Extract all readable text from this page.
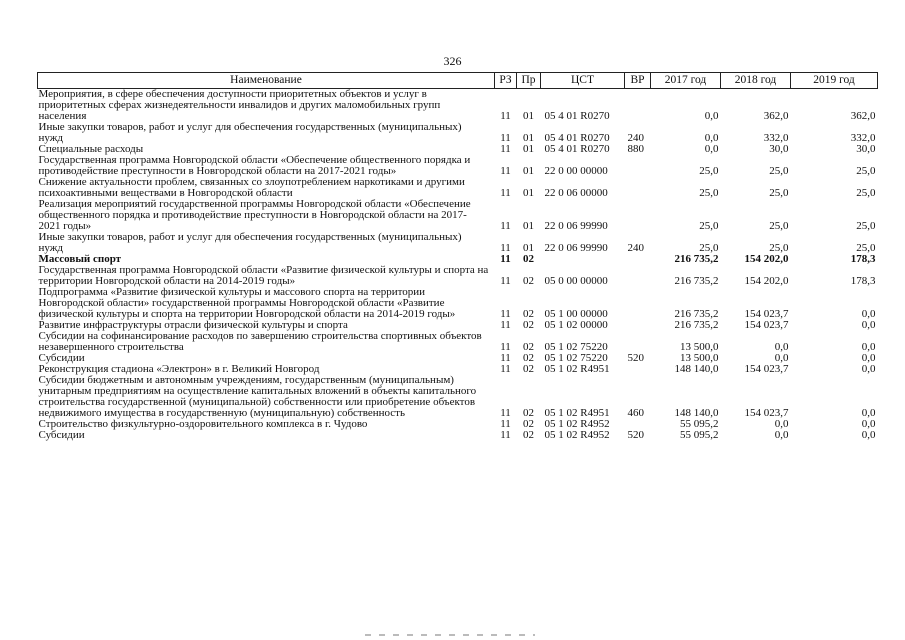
326
Наименование	РЗ	Пр	ЦСТ	ВР	2017 год	2018 год	2019 год
Мероприятия, в сфере обеспечения доступности приоритетных объектов и услуг в приоритетных сферах жизнедеятельности инвалидов и других маломобильных групп населения	11	01	05 4 01 R0270		0,0	362,0	362,0
Иные закупки товаров, работ и услуг для обеспечения государственных (муниципальных) нужд	11	01	05 4 01 R0270	240	0,0	332,0	332,0
Специальные расходы	11	01	05 4 01 R0270	880	0,0	30,0	30,0
Государственная программа Новгородской области «Обеспечение общественного порядка и противодействие преступности в Новгородской области на 2017-2021 годы»	11	01	22 0 00 00000		25,0	25,0	25,0
Снижение актуальности проблем, связанных со злоупотреблением наркотиками и другими психоактивными веществами в Новгородской области	11	01	22 0 06 00000		25,0	25,0	25,0
Реализация мероприятий государственной программы Новгородской области «Обеспечение общественного порядка и противодействие преступности в Новгородской области на 2017-2021 годы»	11	01	22 0 06 99990		25,0	25,0	25,0
Иные закупки товаров, работ и услуг для обеспечения государственных (муниципальных) нужд	11	01	22 0 06 99990	240	25,0	25,0	25,0
Массовый спорт	11	02			216 735,2	154 202,0	178,3
Государственная программа Новгородской области «Развитие физической культуры и спорта на территории Новгородской области на 2014-2019 годы»	11	02	05 0 00 00000		216 735,2	154 202,0	178,3
Подпрограмма «Развитие физической культуры и массового спорта на территории Новгородской области» государственной программы Новгородской области «Развитие физической культуры и спорта на территории Новгородской области на 2014-2019 годы»	11	02	05 1 00 00000		216 735,2	154 023,7	0,0
Развитие инфраструктуры отрасли физической культуры и спорта	11	02	05 1 02 00000		216 735,2	154 023,7	0,0
Субсидии на софинансирование расходов по завершению строительства спортивных объектов незавершенного строительства	11	02	05 1 02 75220		13 500,0	0,0	0,0
Субсидии	11	02	05 1 02 75220	520	13 500,0	0,0	0,0
Реконструкция стадиона «Электрон» в г. Великий Новгород	11	02	05 1 02 R4951		148 140,0	154 023,7	0,0
Субсидии бюджетным и автономным учреждениям, государственным (муниципальным) унитарным предприятиям на осуществление капитальных вложений в объекты капитального строительства государственной (муниципальной) собственности или приобретение объектов недвижимого имущества в государственную (муниципальную) собственность	11	02	05 1 02 R4951	460	148 140,0	154 023,7	0,0
Строительство физкультурно-оздоровительного комплекса в г. Чудово	11	02	05 1 02 R4952		55 095,2	0,0	0,0
Субсидии	11	02	05 1 02 R4952	520	55 095,2	0,0	0,0
